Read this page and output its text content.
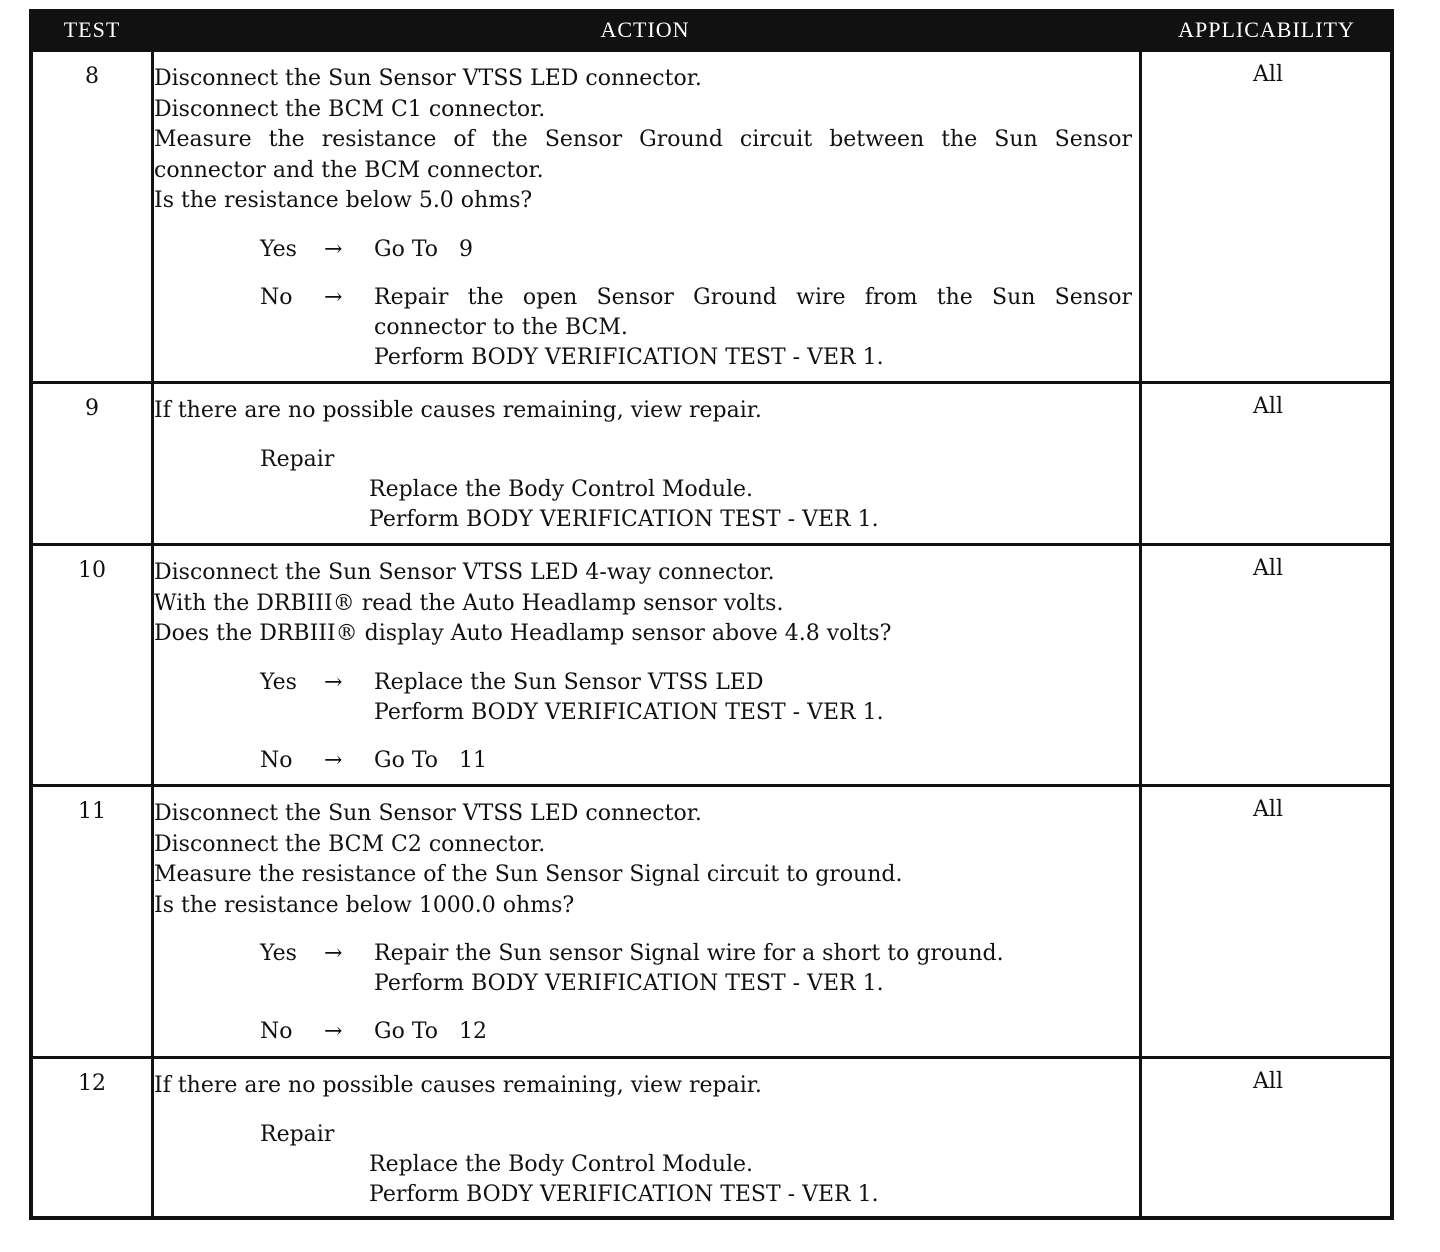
TEST	ACTION	APPLICABILITY
8	Disconnect the Sun Sensor VTSS LED connector.
Disconnect the BCM C1 connector.
Measure the resistance of the Sensor Ground circuit between the Sun Sensor connector and the BCM connector.
Is the resistance below 5.0 ohms?
Yes → Go To   9
No → Repair the open Sensor Ground wire from the Sun Sensor connector to the BCM.
Perform BODY VERIFICATION TEST - VER 1.
All
9	If there are no possible causes remaining, view repair.
Repair
Replace the Body Control Module.
Perform BODY VERIFICATION TEST - VER 1.
All
10	Disconnect the Sun Sensor VTSS LED 4-way connector.
With the DRBIII® read the Auto Headlamp sensor volts.
Does the DRBIII® display Auto Headlamp sensor above 4.8 volts?
Yes → Replace the Sun Sensor VTSS LED
Perform BODY VERIFICATION TEST - VER 1.
No → Go To   11
All
11	Disconnect the Sun Sensor VTSS LED connector.
Disconnect the BCM C2 connector.
Measure the resistance of the Sun Sensor Signal circuit to ground.
Is the resistance below 1000.0 ohms?
Yes → Repair the Sun sensor Signal wire for a short to ground.
Perform BODY VERIFICATION TEST - VER 1.
No → Go To   12
All
12	If there are no possible causes remaining, view repair.
Repair
Replace the Body Control Module.
Perform BODY VERIFICATION TEST - VER 1.
All
